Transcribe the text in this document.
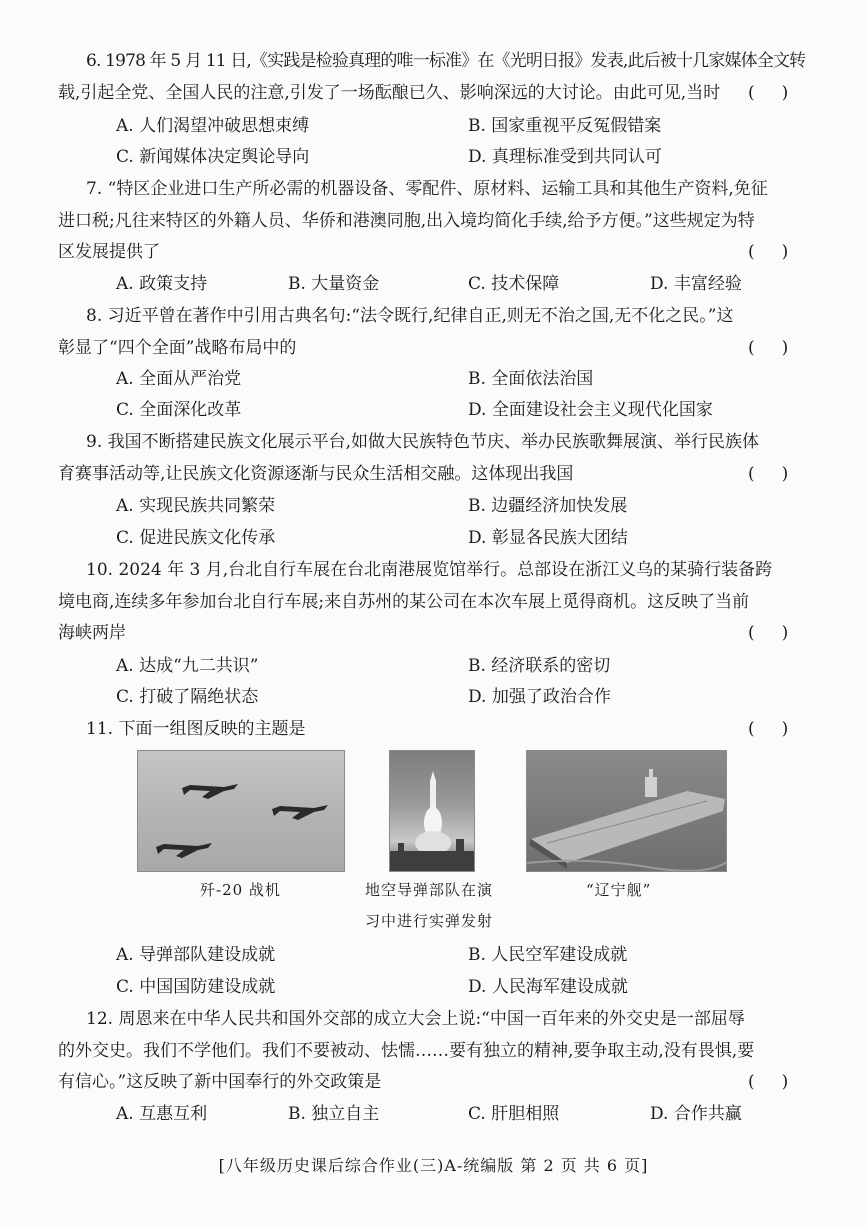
6. 1978 年 5 月 11 日,《实践是检验真理的唯一标准》在《光明日报》发表,此后被十几家媒体全文转
载,引起全党、全国人民的注意,引发了一场酝酿已久、影响深远的大讨论。由此可见,当时 (     )
A. 人们渴望冲破思想束缚	B. 国家重视平反冤假错案
C. 新闻媒体决定舆论导向	D. 真理标准受到共同认可
7. “特区企业进口生产所必需的机器设备、零配件、原材料、运输工具和其他生产资料,免征
进口税;凡往来特区的外籍人员、华侨和港澳同胞,出入境均简化手续,给予方便。”这些规定为特
区发展提供了	(     )
A. 政策支持	B. 大量资金	C. 技术保障	D. 丰富经验
8. 习近平曾在著作中引用古典名句:“法令既行,纪律自正,则无不治之国,无不化之民。”这
彰显了“四个全面”战略布局中的	(     )
A. 全面从严治党	B. 全面依法治国
C. 全面深化改革	D. 全面建设社会主义现代化国家
9. 我国不断搭建民族文化展示平台,如做大民族特色节庆、举办民族歌舞展演、举行民族体
育赛事活动等,让民族文化资源逐渐与民众生活相交融。这体现出我国	(     )
A. 实现民族共同繁荣	B. 边疆经济加快发展
C. 促进民族文化传承	D. 彰显各民族大团结
10. 2024 年 3 月,台北自行车展在台北南港展览馆举行。总部设在浙江义乌的某骑行装备跨
境电商,连续多年参加台北自行车展;来自苏州的某公司在本次车展上觅得商机。这反映了当前
海峡两岸	(     )
A. 达成“九二共识”	B. 经济联系的密切
C. 打破了隔绝状态	D. 加强了政治合作
11. 下面一组图反映的主题是	(     )
歼-20 战机	地空导弹部队在演
习中进行实弹发射
“辽宁舰”
A. 导弹部队建设成就	B. 人民空军建设成就
C. 中国国防建设成就	D. 人民海军建设成就
12. 周恩来在中华人民共和国外交部的成立大会上说:“中国一百年来的外交史是一部屈辱
的外交史。我们不学他们。我们不要被动、怯懦……要有独立的精神,要争取主动,没有畏惧,要
有信心。”这反映了新中国奉行的外交政策是	(     )
A. 互惠互利	B. 独立自主	C. 肝胆相照	D. 合作共赢
[八年级历史课后综合作业(三)A-统编版 第 2 页 共 6 页]
